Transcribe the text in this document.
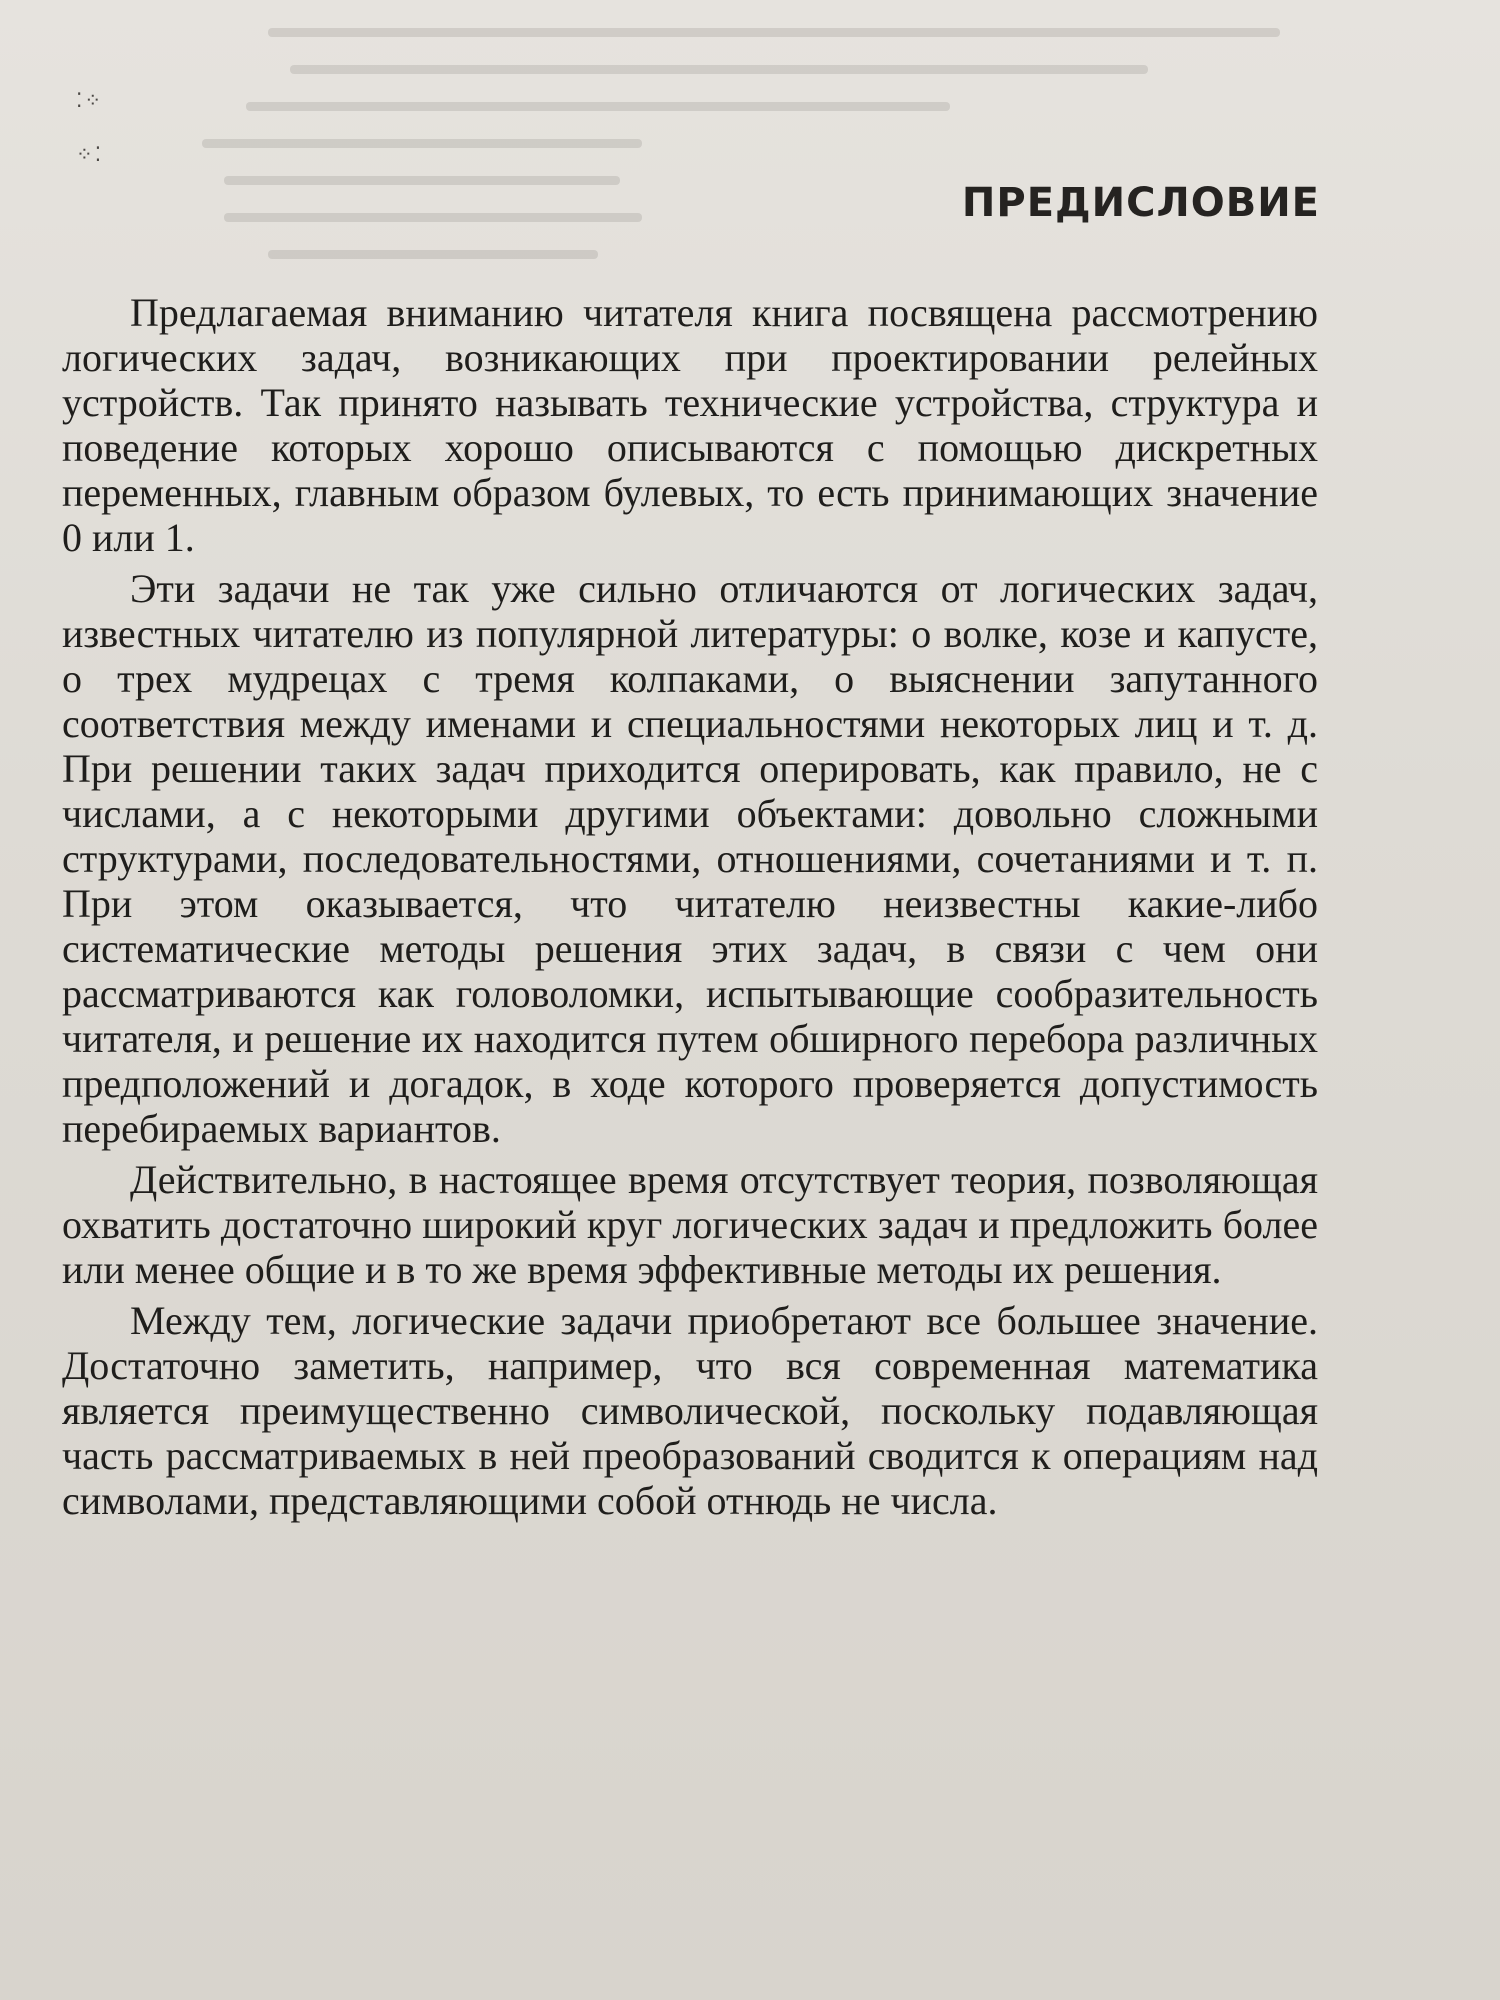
⁚⁘
⁘⁚
ПРЕДИСЛОВИЕ

Предлагаемая вниманию читателя книга посвящена рассмотрению логических задач, возникающих при проектировании релейных устройств. Так принято называть технические устройства, структура и поведение которых хорошо описываются с помощью дискретных переменных, главным образом булевых, то есть принимающих значение 0 или 1.

Эти задачи не так уже сильно отличаются от логических задач, известных читателю из популярной литературы: о волке, козе и капусте, о трех мудрецах с тремя колпаками, о выяснении запутанного соответствия между именами и специальностями некоторых лиц и т. д. При решении таких задач приходится оперировать, как правило, не с числами, а с некоторыми другими объектами: довольно сложными структурами, последовательностями, отношениями, сочетаниями и т. п. При этом оказывается, что читателю неизвестны какие-либо систематические методы решения этих задач, в связи с чем они рассматриваются как головоломки, испытывающие сообразительность читателя, и решение их находится путем обширного перебора различных предположений и догадок, в ходе которого проверяется допустимость перебираемых вариантов.

Действительно, в настоящее время отсутствует теория, позволяющая охватить достаточно широкий круг логических задач и предложить более или менее общие и в то же время эффективные методы их решения.

Между тем, логические задачи приобретают все большее значение. Достаточно заметить, например, что вся современная математика является преимущественно символической, поскольку подавляющая часть рассматриваемых в ней преобразований сводится к операциям над символами, представляющими собой отнюдь не числа.
